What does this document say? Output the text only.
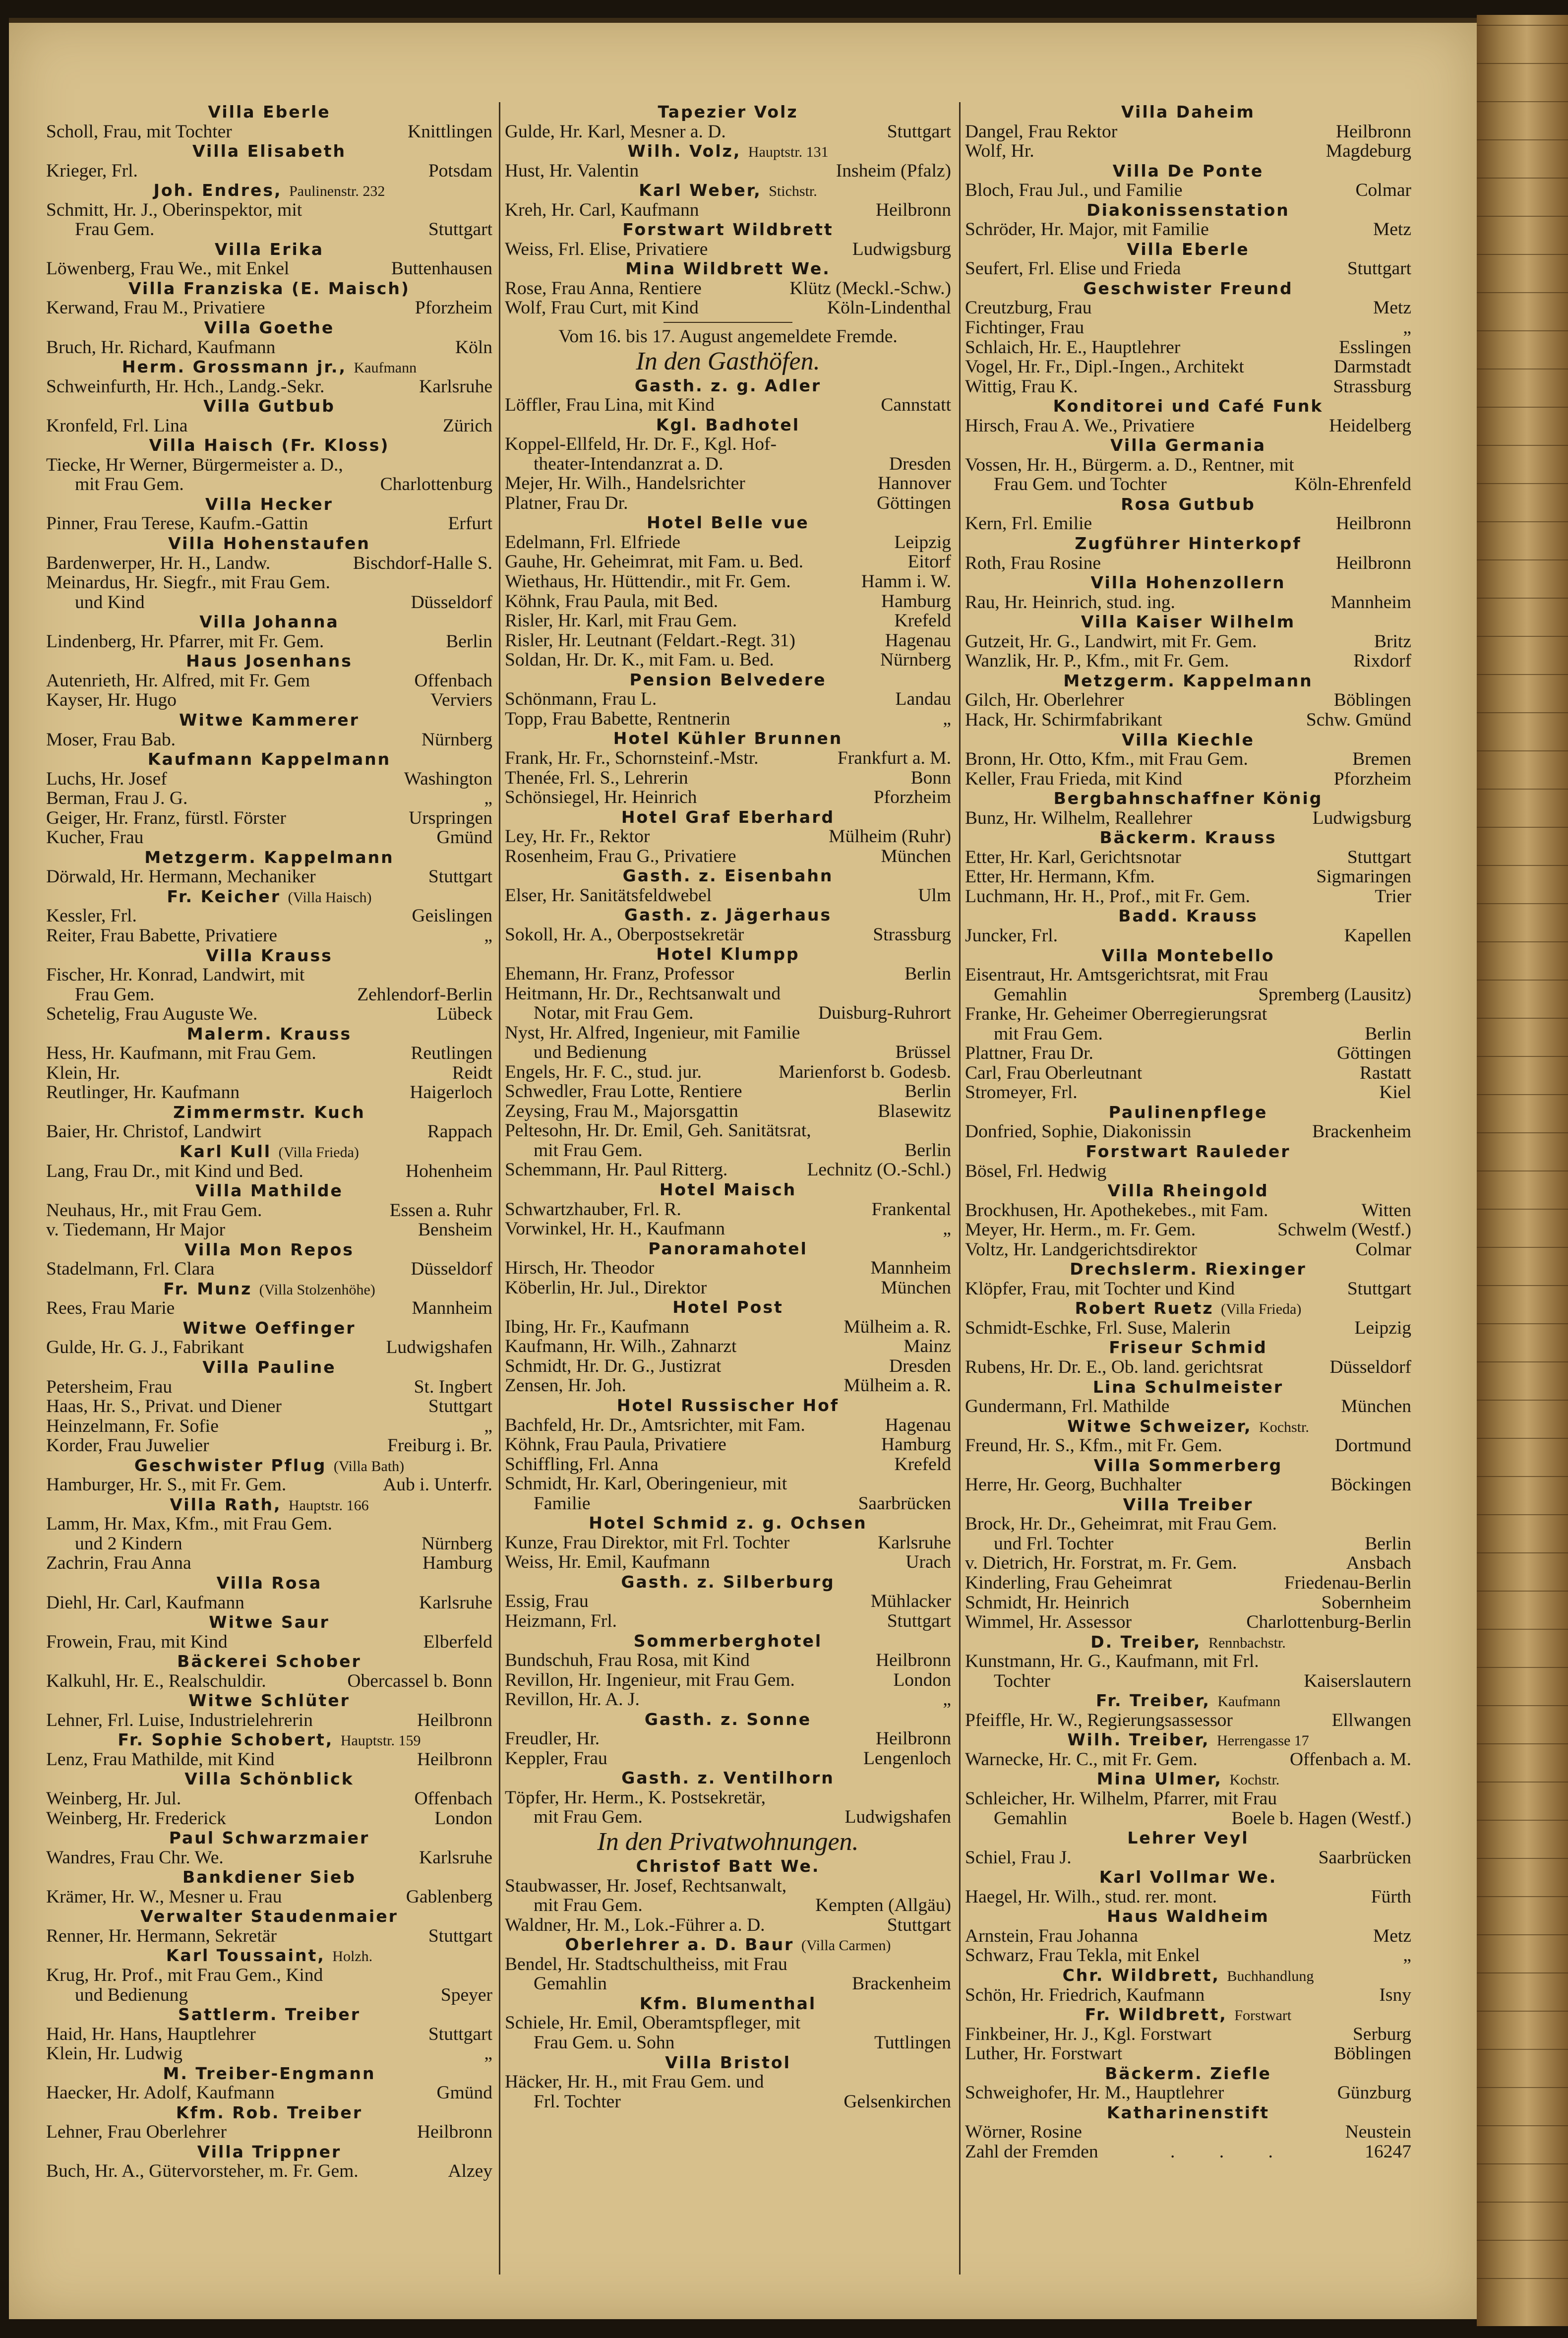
Villa Eberle
Scholl, Frau, mit Tochter	Knittlingen
Villa Elisabeth
Krieger, Frl.	Potsdam
Joh. Endres, Paulinenstr. 232
Schmitt, Hr. J., Oberinspektor, mit
Frau Gem.	Stuttgart
Villa Erika
Löwenberg, Frau We., mit Enkel	Buttenhausen
Villa Franziska (E. Maisch)
Kerwand, Frau M., Privatiere	Pforzheim
Villa Goethe
Bruch, Hr. Richard, Kaufmann	Köln
Herm. Grossmann jr., Kaufmann
Schweinfurth, Hr. Hch., Landg.-Sekr.	Karlsruhe
Villa Gutbub
Kronfeld, Frl. Lina	Zürich
Villa Haisch (Fr. Kloss)
Tiecke, Hr Werner, Bürgermeister a. D.,
mit Frau Gem.	Charlottenburg
Villa Hecker
Pinner, Frau Terese, Kaufm.-Gattin	Erfurt
Villa Hohenstaufen
Bardenwerper, Hr. H., Landw.	Bischdorf-Halle S.
Meinardus, Hr. Siegfr., mit Frau Gem.
und Kind	Düsseldorf
Villa Johanna
Lindenberg, Hr. Pfarrer, mit Fr. Gem.	Berlin
Haus Josenhans
Autenrieth, Hr. Alfred, mit Fr. Gem	Offenbach
Kayser, Hr. Hugo	Verviers
Witwe Kammerer
Moser, Frau Bab.	Nürnberg
Kaufmann Kappelmann
Luchs, Hr. Josef	Washington
Berman, Frau J. G.	„
Geiger, Hr. Franz, fürstl. Förster	Urspringen
Kucher, Frau	Gmünd
Metzgerm. Kappelmann
Dörwald, Hr. Hermann, Mechaniker	Stuttgart
Fr. Keicher (Villa Haisch)
Kessler, Frl.	Geislingen
Reiter, Frau Babette, Privatiere	„
Villa Krauss
Fischer, Hr. Konrad, Landwirt, mit
Frau Gem.	Zehlendorf-Berlin
Schetelig, Frau Auguste We.	Lübeck
Malerm. Krauss
Hess, Hr. Kaufmann, mit Frau Gem.	Reutlingen
Klein, Hr.	Reidt
Reutlinger, Hr. Kaufmann	Haigerloch
Zimmermstr. Kuch
Baier, Hr. Christof, Landwirt	Rappach
Karl Kull (Villa Frieda)
Lang, Frau Dr., mit Kind und Bed.	Hohenheim
Villa Mathilde
Neuhaus, Hr., mit Frau Gem.	Essen a. Ruhr
v. Tiedemann, Hr Major	Bensheim
Villa Mon Repos
Stadelmann, Frl. Clara	Düsseldorf
Fr. Munz (Villa Stolzenhöhe)
Rees, Frau Marie	Mannheim
Witwe Oeffinger
Gulde, Hr. G. J., Fabrikant	Ludwigshafen
Villa Pauline
Petersheim, Frau	St. Ingbert
Haas, Hr. S., Privat. und Diener	Stuttgart
Heinzelmann, Fr. Sofie	„
Korder, Frau Juwelier	Freiburg i. Br.
Geschwister Pflug (Villa Bath)
Hamburger, Hr. S., mit Fr. Gem.	Aub i. Unterfr.
Villa Rath, Hauptstr. 166
Lamm, Hr. Max, Kfm., mit Frau Gem.
und 2 Kindern	Nürnberg
Zachrin, Frau Anna	Hamburg
Villa Rosa
Diehl, Hr. Carl, Kaufmann	Karlsruhe
Witwe Saur
Frowein, Frau, mit Kind	Elberfeld
Bäckerei Schober
Kalkuhl, Hr. E., Realschuldir.	Obercassel b. Bonn
Witwe Schlüter
Lehner, Frl. Luise, Industrielehrerin	Heilbronn
Fr. Sophie Schobert, Hauptstr. 159
Lenz, Frau Mathilde, mit Kind	Heilbronn
Villa Schönblick
Weinberg, Hr. Jul.	Offenbach
Weinberg, Hr. Frederick	London
Paul Schwarzmaier
Wandres, Frau Chr. We.	Karlsruhe
Bankdiener Sieb
Krämer, Hr. W., Mesner u. Frau	Gablenberg
Verwalter Staudenmaier
Renner, Hr. Hermann, Sekretär	Stuttgart
Karl Toussaint, Holzh.
Krug, Hr. Prof., mit Frau Gem., Kind
und Bedienung	Speyer
Sattlerm. Treiber
Haid, Hr. Hans, Hauptlehrer	Stuttgart
Klein, Hr. Ludwig	„
M. Treiber-Engmann
Haecker, Hr. Adolf, Kaufmann	Gmünd
Kfm. Rob. Treiber
Lehner, Frau Oberlehrer	Heilbronn
Villa Trippner
Buch, Hr. A., Gütervorsteher, m. Fr. Gem.	Alzey
Tapezier Volz
Gulde, Hr. Karl, Mesner a. D.	Stuttgart
Wilh. Volz, Hauptstr. 131
Hust, Hr. Valentin	Insheim (Pfalz)
Karl Weber, Stichstr.
Kreh, Hr. Carl, Kaufmann	Heilbronn
Forstwart Wildbrett
Weiss, Frl. Elise, Privatiere	Ludwigsburg
Mina Wildbrett We.
Rose, Frau Anna, Rentiere	Klütz (Meckl.-Schw.)
Wolf, Frau Curt, mit Kind	Köln-Lindenthal
Vom 16. bis 17. August angemeldete Fremde.
In den Gasthöfen.
Gasth. z. g. Adler
Löffler, Frau Lina, mit Kind	Cannstatt
Kgl. Badhotel
Koppel-Ellfeld, Hr. Dr. F., Kgl. Hof-
theater-Intendanzrat a. D.	Dresden
Mejer, Hr. Wilh., Handelsrichter	Hannover
Platner, Frau Dr.	Göttingen
Hotel Belle vue
Edelmann, Frl. Elfriede	Leipzig
Gauhe, Hr. Geheimrat, mit Fam. u. Bed.	Eitorf
Wiethaus, Hr. Hüttendir., mit Fr. Gem.	Hamm i. W.
Köhnk, Frau Paula, mit Bed.	Hamburg
Risler, Hr. Karl, mit Frau Gem.	Krefeld
Risler, Hr. Leutnant (Feldart.-Regt. 31)	Hagenau
Soldan, Hr. Dr. K., mit Fam. u. Bed.	Nürnberg
Pension Belvedere
Schönmann, Frau L.	Landau
Topp, Frau Babette, Rentnerin	„
Hotel Kühler Brunnen
Frank, Hr. Fr., Schornsteinf.-Mstr.	Frankfurt a. M.
Thenée, Frl. S., Lehrerin	Bonn
Schönsiegel, Hr. Heinrich	Pforzheim
Hotel Graf Eberhard
Ley, Hr. Fr., Rektor	Mülheim (Ruhr)
Rosenheim, Frau G., Privatiere	München
Gasth. z. Eisenbahn
Elser, Hr. Sanitätsfeldwebel	Ulm
Gasth. z. Jägerhaus
Sokoll, Hr. A., Oberpostsekretär	Strassburg
Hotel Klumpp
Ehemann, Hr. Franz, Professor	Berlin
Heitmann, Hr. Dr., Rechtsanwalt und
Notar, mit Frau Gem.	Duisburg-Ruhrort
Nyst, Hr. Alfred, Ingenieur, mit Familie
und Bedienung	Brüssel
Engels, Hr. F. C., stud. jur.	Marienforst b. Godesb.
Schwedler, Frau Lotte, Rentiere	Berlin
Zeysing, Frau M., Majorsgattin	Blasewitz
Peltesohn, Hr. Dr. Emil, Geh. Sanitätsrat,
mit Frau Gem.	Berlin
Schemmann, Hr. Paul Ritterg.	Lechnitz (O.-Schl.)
Hotel Maisch
Schwartzhauber, Frl. R.	Frankental
Vorwinkel, Hr. H., Kaufmann	„
Panoramahotel
Hirsch, Hr. Theodor	Mannheim
Köberlin, Hr. Jul., Direktor	München
Hotel Post
Ibing, Hr. Fr., Kaufmann	Mülheim a. R.
Kaufmann, Hr. Wilh., Zahnarzt	Mainz
Schmidt, Hr. Dr. G., Justizrat	Dresden
Zensen, Hr. Joh.	Mülheim a. R.
Hotel Russischer Hof
Bachfeld, Hr. Dr., Amtsrichter, mit Fam.	Hagenau
Köhnk, Frau Paula, Privatiere	Hamburg
Schiffling, Frl. Anna	Krefeld
Schmidt, Hr. Karl, Oberingenieur, mit
Familie	Saarbrücken
Hotel Schmid z. g. Ochsen
Kunze, Frau Direktor, mit Frl. Tochter	Karlsruhe
Weiss, Hr. Emil, Kaufmann	Urach
Gasth. z. Silberburg
Essig, Frau	Mühlacker
Heizmann, Frl.	Stuttgart
Sommerberghotel
Bundschuh, Frau Rosa, mit Kind	Heilbronn
Revillon, Hr. Ingenieur, mit Frau Gem.	London
Revillon, Hr. A. J.	„
Gasth. z. Sonne
Freudler, Hr.	Heilbronn
Keppler, Frau	Lengenloch
Gasth. z. Ventilhorn
Töpfer, Hr. Herm., K. Postsekretär,
mit Frau Gem.	Ludwigshafen
In den Privatwohnungen.
Christof Batt We.
Staubwasser, Hr. Josef, Rechtsanwalt,
mit Frau Gem.	Kempten (Allgäu)
Waldner, Hr. M., Lok.-Führer a. D.	Stuttgart
Oberlehrer a. D. Baur (Villa Carmen)
Bendel, Hr. Stadtschultheiss, mit Frau
Gemahlin	Brackenheim
Kfm. Blumenthal
Schiele, Hr. Emil, Oberamtspfleger, mit
Frau Gem. u. Sohn	Tuttlingen
Villa Bristol
Häcker, Hr. H., mit Frau Gem. und
Frl. Tochter	Gelsenkirchen
Villa Daheim
Dangel, Frau Rektor	Heilbronn
Wolf, Hr.	Magdeburg
Villa De Ponte
Bloch, Frau Jul., und Familie	Colmar
Diakonissenstation
Schröder, Hr. Major, mit Familie	Metz
Villa Eberle
Seufert, Frl. Elise und Frieda	Stuttgart
Geschwister Freund
Creutzburg, Frau	Metz
Fichtinger, Frau	„
Schlaich, Hr. E., Hauptlehrer	Esslingen
Vogel, Hr. Fr., Dipl.-Ingen., Architekt	Darmstadt
Wittig, Frau K.	Strassburg
Konditorei und Café Funk
Hirsch, Frau A. We., Privatiere	Heidelberg
Villa Germania
Vossen, Hr. H., Bürgerm. a. D., Rentner, mit
Frau Gem. und Tochter	Köln-Ehrenfeld
Rosa Gutbub
Kern, Frl. Emilie	Heilbronn
Zugführer Hinterkopf
Roth, Frau Rosine	Heilbronn
Villa Hohenzollern
Rau, Hr. Heinrich, stud. ing.	Mannheim
Villa Kaiser Wilhelm
Gutzeit, Hr. G., Landwirt, mit Fr. Gem.	Britz
Wanzlik, Hr. P., Kfm., mit Fr. Gem.	Rixdorf
Metzgerm. Kappelmann
Gilch, Hr. Oberlehrer	Böblingen
Hack, Hr. Schirmfabrikant	Schw. Gmünd
Villa Kiechle
Bronn, Hr. Otto, Kfm., mit Frau Gem.	Bremen
Keller, Frau Frieda, mit Kind	Pforzheim
Bergbahnschaffner König
Bunz, Hr. Wilhelm, Reallehrer	Ludwigsburg
Bäckerm. Krauss
Etter, Hr. Karl, Gerichtsnotar	Stuttgart
Etter, Hr. Hermann, Kfm.	Sigmaringen
Luchmann, Hr. H., Prof., mit Fr. Gem.	Trier
Badd. Krauss
Juncker, Frl.	Kapellen
Villa Montebello
Eisentraut, Hr. Amtsgerichtsrat, mit Frau
Gemahlin	Spremberg (Lausitz)
Franke, Hr. Geheimer Oberregierungsrat
mit Frau Gem.	Berlin
Plattner, Frau Dr.	Göttingen
Carl, Frau Oberleutnant	Rastatt
Stromeyer, Frl.	Kiel
Paulinenpflege
Donfried, Sophie, Diakonissin	Brackenheim
Forstwart Rauleder
Bösel, Frl. Hedwig
Villa Rheingold
Brockhusen, Hr. Apothekebes., mit Fam.	Witten
Meyer, Hr. Herm., m. Fr. Gem.	Schwelm (Westf.)
Voltz, Hr. Landgerichtsdirektor	Colmar
Drechslerm. Riexinger
Klöpfer, Frau, mit Tochter und Kind	Stuttgart
Robert Ruetz (Villa Frieda)
Schmidt-Eschke, Frl. Suse, Malerin	Leipzig
Friseur Schmid
Rubens, Hr. Dr. E., Ob. land. gerichtsrat	Düsseldorf
Lina Schulmeister
Gundermann, Frl. Mathilde	München
Witwe Schweizer, Kochstr.
Freund, Hr. S., Kfm., mit Fr. Gem.	Dortmund
Villa Sommerberg
Herre, Hr. Georg, Buchhalter	Böckingen
Villa Treiber
Brock, Hr. Dr., Geheimrat, mit Frau Gem.
und Frl. Tochter	Berlin
v. Dietrich, Hr. Forstrat, m. Fr. Gem.	Ansbach
Kinderling, Frau Geheimrat	Friedenau-Berlin
Schmidt, Hr. Heinrich	Sobernheim
Wimmel, Hr. Assessor	Charlottenburg-Berlin
D. Treiber, Rennbachstr.
Kunstmann, Hr. G., Kaufmann, mit Frl.
Tochter	Kaiserslautern
Fr. Treiber, Kaufmann
Pfeiffle, Hr. W., Regierungsassessor	Ellwangen
Wilh. Treiber, Herrengasse 17
Warnecke, Hr. C., mit Fr. Gem.	Offenbach a. M.
Mina Ulmer, Kochstr.
Schleicher, Hr. Wilhelm, Pfarrer, mit Frau
Gemahlin	Boele b. Hagen (Westf.)
Lehrer Veyl
Schiel, Frau J.	Saarbrücken
Karl Vollmar We.
Haegel, Hr. Wilh., stud. rer. mont.	Fürth
Haus Waldheim
Arnstein, Frau Johanna	Metz
Schwarz, Frau Tekla, mit Enkel	„
Chr. Wildbrett, Buchhandlung
Schön, Hr. Friedrich, Kaufmann	Isny
Fr. Wildbrett, Forstwart
Finkbeiner, Hr. J., Kgl. Forstwart	Serburg
Luther, Hr. Forstwart	Böblingen
Bäckerm. Ziefle
Schweighofer, Hr. M., Hauptlehrer	Günzburg
Katharinenstift
Wörner, Rosine	Neustein
Zahl der Fremden	. . .	16247
